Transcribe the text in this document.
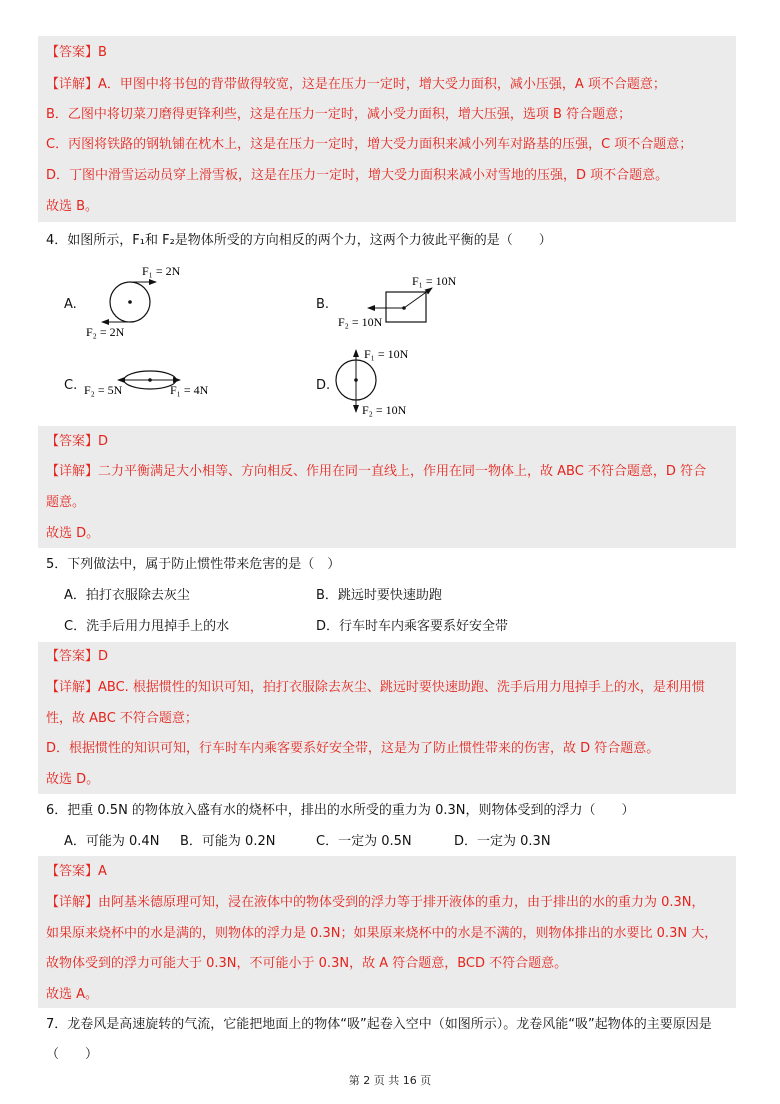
【答案】B
【详解】A．甲图中将书包的背带做得较宽，这是在压力一定时，增大受力面积，减小压强，A 项不合题意；
B．乙图中将切菜刀磨得更锋利些，这是在压力一定时，减小受力面积，增大压强，选项 B 符合题意；
C．丙图将铁路的钢轨铺在枕木上，这是在压力一定时，增大受力面积来减小列车对路基的压强，C 项不合题意；
D．丁图中滑雪运动员穿上滑雪板，这是在压力一定时，增大受力面积来减小对雪地的压强，D 项不合题意。
故选 B。
4．如图所示，F₁和 F₂是物体所受的方向相反的两个力，这两个力彼此平衡的是（　　）
A.
F₁ = 2N
F₂ = 2N
B.
F₁ = 10N
F₂ = 10N
C. F₂ = 5N	F₁ = 4N	D.
F₁ = 10N
F₂ = 10N
【答案】D
【详解】二力平衡满足大小相等、方向相反、作用在同一直线上，作用在同一物体上，故 ABC 不符合题意，D 符合
题意。
故选 D。
5．下列做法中，属于防止惯性带来危害的是（　）
A．拍打衣服除去灰尘	B．跳远时要快速助跑
C．洗手后用力甩掉手上的水	D．行车时车内乘客要系好安全带
【答案】D
【详解】ABC. 根据惯性的知识可知，拍打衣服除去灰尘、跳远时要快速助跑、洗手后用力甩掉手上的水，是利用惯
性，故 ABC 不符合题意；
D．根据惯性的知识可知，行车时车内乘客要系好安全带，这是为了防止惯性带来的伤害，故 D 符合题意。
故选 D。
6．把重 0.5N 的物体放入盛有水的烧杯中，排出的水所受的重力为 0.3N，则物体受到的浮力（　　）
A．可能为 0.4N B．可能为 0.2N	C．一定为 0.5N	D．一定为 0.3N
【答案】A
【详解】由阿基米德原理可知，浸在液体中的物体受到的浮力等于排开液体的重力，由于排出的水的重力为 0.3N，
如果原来烧杯中的水是满的，则物体的浮力是 0.3N；如果原来烧杯中的水是不满的，则物体排出的水要比 0.3N 大，
故物体受到的浮力可能大于 0.3N，不可能小于 0.3N，故 A 符合题意，BCD 不符合题意。
故选 A。
7．龙卷风是高速旋转的气流，它能把地面上的物体“吸”起卷入空中（如图所示）。龙卷风能“吸”起物体的主要原因是
（　　）
第 2 页 共 16 页
